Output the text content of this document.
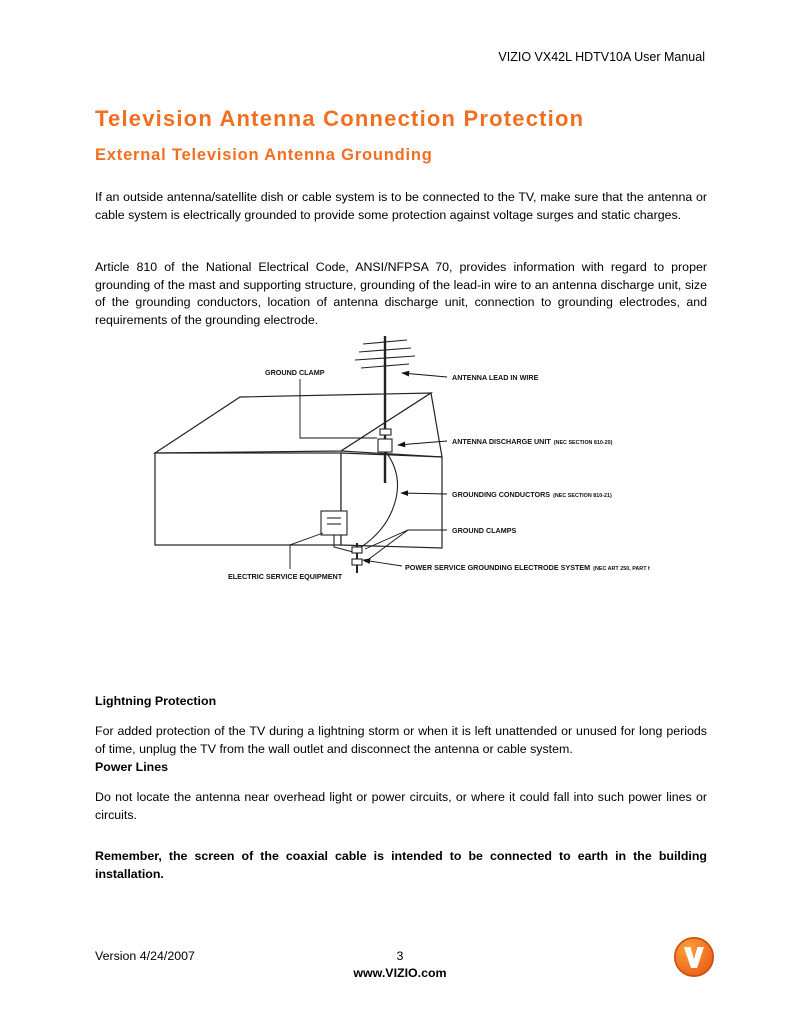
VIZIO VX42L HDTV10A User Manual
Television Antenna Connection Protection
External Television Antenna Grounding

If an outside antenna/satellite dish or cable system is to be connected to the TV, make sure that the antenna or cable system is electrically grounded to provide some protection against voltage surges and static charges.

Article 810 of the National Electrical Code, ANSI/NFPSA 70, provides information with regard to proper grounding of the mast and supporting structure, grounding of the lead-in wire to an antenna discharge unit, size of the grounding conductors, location of antenna discharge unit, connection to grounding electrodes, and requirements of the grounding electrode.

GROUND CLAMP
ANTENNA LEAD IN WIRE
ANTENNA DISCHARGE UNIT (NEC SECTION 810-20)
GROUNDING CONDUCTORS (NEC SECTION 810-21)
GROUND CLAMPS
POWER SERVICE GROUNDING ELECTRODE SYSTEM (NEC ART 250, PART H)
ELECTRIC SERVICE EQUIPMENT
Lightning Protection

For added protection of the TV during a lightning storm or when it is left unattended or unused for long periods of time, unplug the TV from the wall outlet and disconnect the antenna or cable system.

Power Lines

Do not locate the antenna near overhead light or power circuits, or where it could fall into such power lines or circuits.

Remember, the screen of the coaxial cable is intended to be connected to earth in the building installation.

Version 4/24/2007	3
www.VIZIO.com
